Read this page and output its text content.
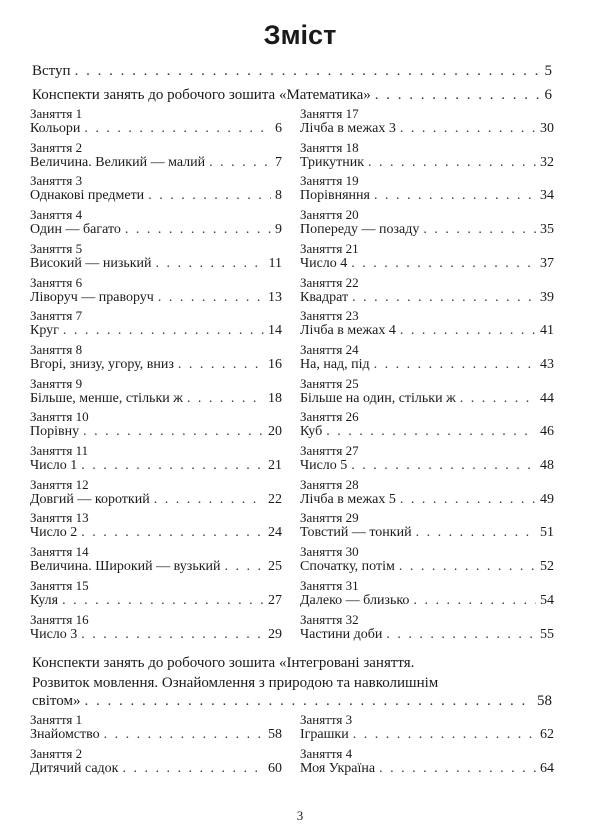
Зміст
Вступ . . .	5
Конспекти занять до робочого зошита «Математика» . . .	6
Заняття 1
Кольори . . .	6
Заняття 2
Величина. Великий — малий . . .	7
Заняття 3
Однакові предмети . . .	8
Заняття 4
Один — багато . . .	9
Заняття 5
Високий — низький . . .	11
Заняття 6
Ліворуч — праворуч . . .	13
Заняття 7
Круг . . .	14
Заняття 8
Вгорі, знизу, угору, вниз . . .	16
Заняття 9
Більше, менше, стільки ж . . .	18
Заняття 10
Порівну . . .	20
Заняття 11
Число 1 . . .	21
Заняття 12
Довгий — короткий . . .	22
Заняття 13
Число 2 . . .	24
Заняття 14
Величина. Широкий — вузький . . .	25
Заняття 15
Куля . . .	27
Заняття 16
Число 3 . . .	29
Заняття 17
Лічба в межах 3 . . .	30
Заняття 18
Трикутник . . .	32
Заняття 19
Порівняння . . .	34
Заняття 20
Попереду — позаду . . .	35
Заняття 21
Число 4 . . .	37
Заняття 22
Квадрат . . .	39
Заняття 23
Лічба в межах 4 . . .	41
Заняття 24
На, над, під . . .	43
Заняття 25
Більше на один, стільки ж . . .	44
Заняття 26
Куб . . .	46
Заняття 27
Число 5 . . .	48
Заняття 28
Лічба в межах 5 . . .	49
Заняття 29
Товстий — тонкий . . .	51
Заняття 30
Спочатку, потім . . .	52
Заняття 31
Далеко — близько . . .	54
Заняття 32
Частини доби . . .	55
Конспекти занять до робочого зошита «Інтегровані заняття.
Розвиток мовлення. Ознайомлення з природою та навколишнім
світом» . . .	58
Заняття 1
Знайомство . . .	58
Заняття 2
Дитячий садок . . .	60
Заняття 3
Іграшки . . .	62
Заняття 4
Моя Україна . . .	64
3
